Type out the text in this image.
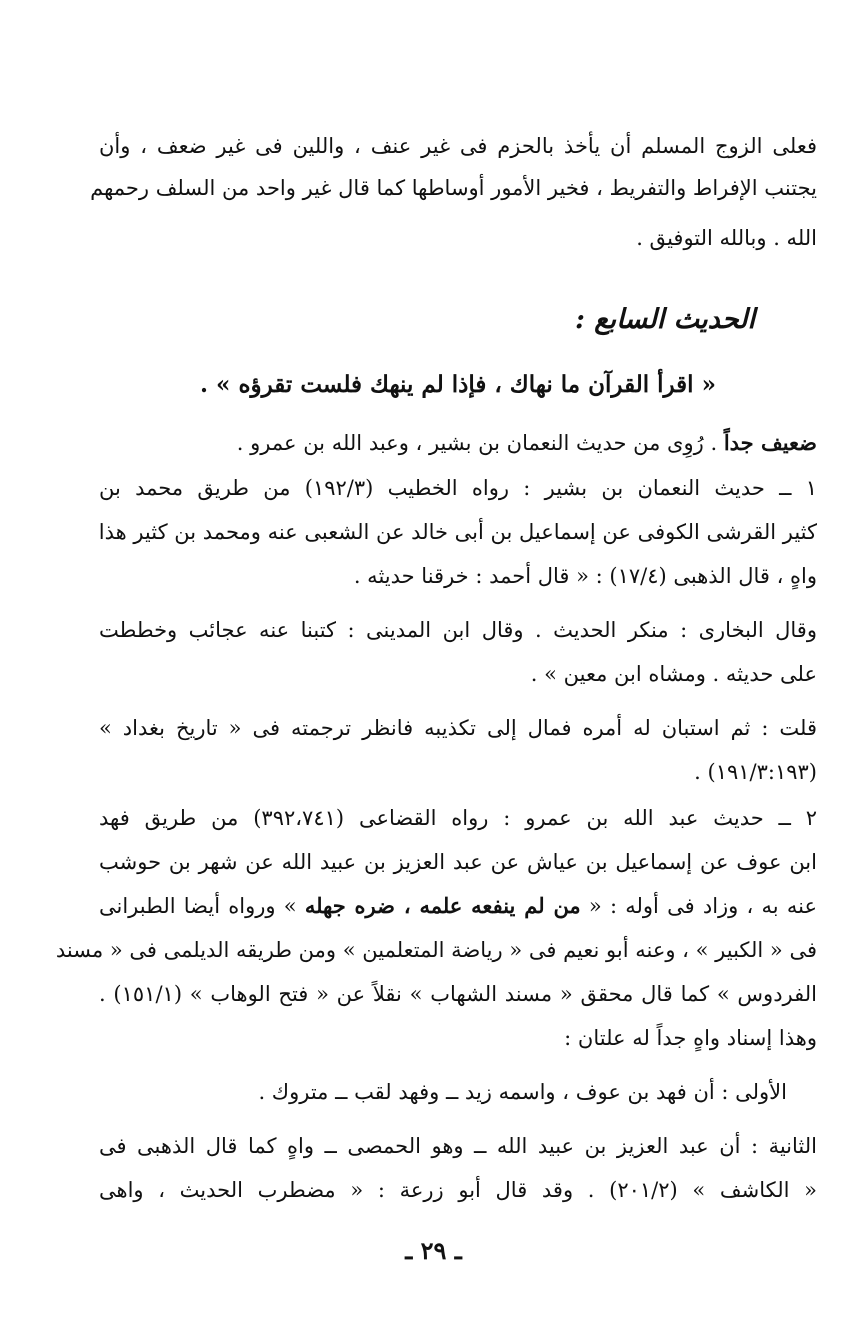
فعلى الزوج المسلم أن يأخذ بالحزم فى غير عنف ، واللين فى غير ضعف ، وأن
يجتنب الإفراط والتفريط ، فخير الأمور أوساطها كما قال غير واحد من السلف رحمهم
الله . وبالله التوفيق .
الحديث السابع :
« اقرأ القرآن ما نهاك ، فإذا لم ينهك فلست تقرؤه » .
ضعيف جداً . رُوِى من حديث النعمان بن بشير ، وعبد الله بن عمرو .
١ ــ حديث النعمان بن بشير : رواه الخطيب (١٩٢/٣) من طريق محمد بن
كثير القرشى الكوفى عن إسماعيل بن أبى خالد عن الشعبى عنه ومحمد بن كثير هذا
واهٍ ، قال الذهبى (١٧/٤) : « قال أحمد : خرقنا حديثه .
وقال البخارى : منكر الحديث . وقال ابن المدينى : كتبنا عنه عجائب وخططت
على حديثه . ومشاه ابن معين » .
قلت : ثم استبان له أمره فمال إلى تكذيبه فانظر ترجمته فى « تاريخ بغداد »
(١٩١/٣:١٩٣) .
٢ ــ حديث عبد الله بن عمرو : رواه القضاعى (٣٩٢،٧٤١) من طريق فهد
ابن عوف عن إسماعيل بن عياش عن عبد العزيز بن عبيد الله عن شهر بن حوشب
عنه به ، وزاد فى أوله : « من لم ينفعه علمه ، ضره جهله » ورواه أيضا الطبرانى
فى « الكبير » ، وعنه أبو نعيم فى « رياضة المتعلمين » ومن طريقه الديلمى فى « مسند
الفردوس » كما قال محقق « مسند الشهاب » نقلاً عن « فتح الوهاب » (١٥١/١) .
وهذا إسناد واهٍ جداً له علتان :
الأولى : أن فهد بن عوف ، واسمه زيد ــ وفهد لقب ــ متروك .
الثانية : أن عبد العزيز بن عبيد الله ــ وهو الحمصى ــ واهٍ كما قال الذهبى فى
« الكاشف » (٢٠١/٢) . وقد قال أبو زرعة : « مضطرب الحديث ، واهى
ـ ٢٩ ـ
